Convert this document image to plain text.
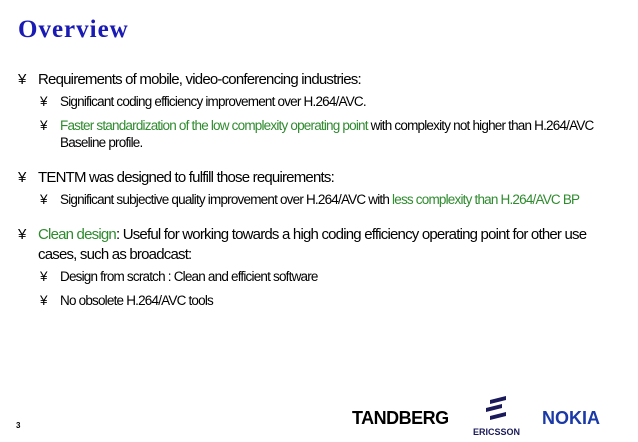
Overview
¥ Requirements of mobile, video-conferencing industries:
¥ Significant coding efficiency improvement over H.264/AVC.
¥ Faster standardization of the low complexity operating point with complexity not higher than H.264/AVC Baseline profile.
¥ TENTM was designed to fulfill those requirements:
¥ Significant subjective quality improvement over H.264/AVC with less complexity than H.264/AVC BP
¥ Clean design: Useful for working towards a high coding efficiency operating point for other use cases, such as broadcast:
¥ Design from scratch : Clean and efficient software
¥ No obsolete H.264/AVC tools
3	TANDBERG
ERICSSON
NOKIA
